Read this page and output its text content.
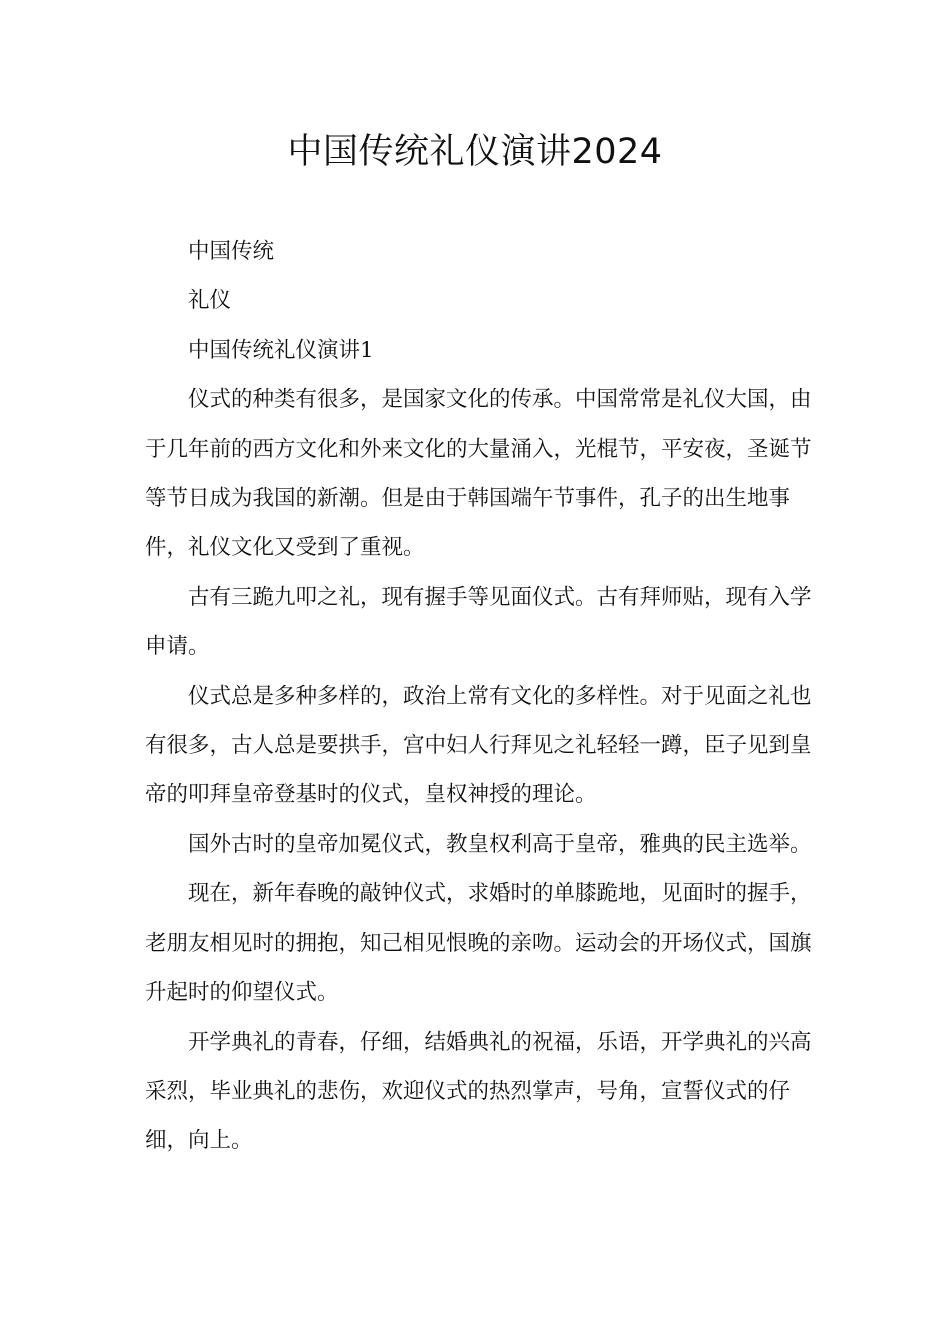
中国传统礼仪演讲2024

中国传统

礼仪

中国传统礼仪演讲1

仪式的种类有很多，是国家文化的传承。中国常常是礼仪大国，由于几年前的西方文化和外来文化的大量涌入，光棍节，平安夜，圣诞节等节日成为我国的新潮。但是由于韩国端午节事件，孔子的出生地事件，礼仪文化又受到了重视。

古有三跪九叩之礼，现有握手等见面仪式。古有拜师贴，现有入学申请。

仪式总是多种多样的，政治上常有文化的多样性。对于见面之礼也有很多，古人总是要拱手，宫中妇人行拜见之礼轻轻一蹲，臣子见到皇帝的叩拜皇帝登基时的仪式，皇权神授的理论。

国外古时的皇帝加冕仪式，教皇权利高于皇帝，雅典的民主选举。

现在，新年春晚的敲钟仪式，求婚时的单膝跪地，见面时的握手，老朋友相见时的拥抱，知己相见恨晚的亲吻。运动会的开场仪式，国旗升起时的仰望仪式。

开学典礼的青春，仔细，结婚典礼的祝福，乐语，开学典礼的兴高采烈，毕业典礼的悲伤，欢迎仪式的热烈掌声，号角，宣誓仪式的仔细，向上。
